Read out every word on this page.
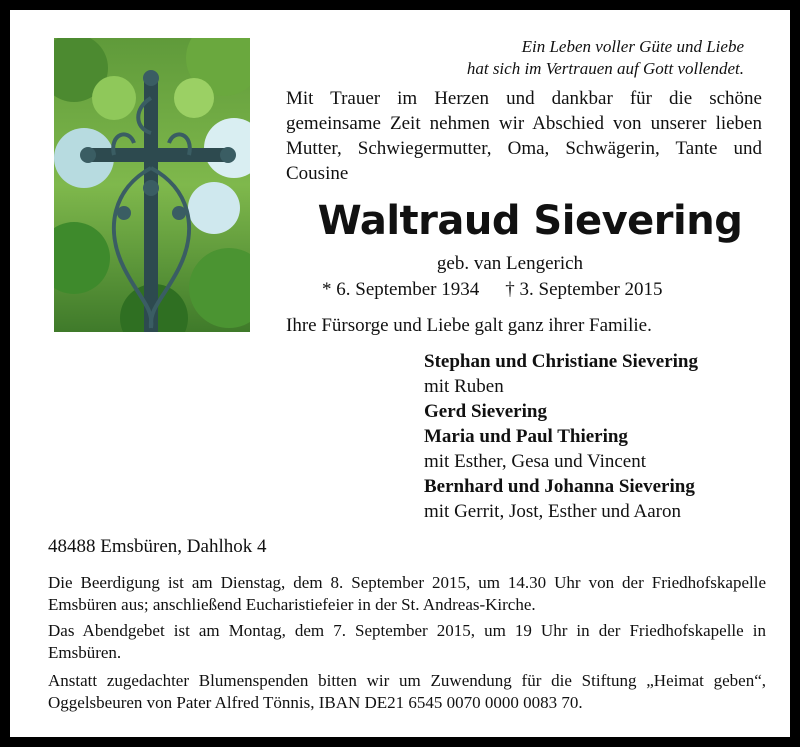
Ein Leben voller Güte und Liebe
hat sich im Vertrauen auf Gott vollendet.
Mit Trauer im Herzen und dankbar für die schöne gemeinsame Zeit nehmen wir Abschied von unserer lieben Mutter, Schwiegermutter, Oma, Schwägerin, Tante und Cousine
Waltraud Sievering
geb. van Lengerich
* 6. September 1934 † 3. September 2015
Ihre Fürsorge und Liebe galt ganz ihrer Familie.
Stephan und Christiane Sievering
mit Ruben
Gerd Sievering
Maria und Paul Thiering
mit Esther, Gesa und Vincent
Bernhard und Johanna Sievering
mit Gerrit, Jost, Esther und Aaron
48488 Emsbüren, Dahlhok 4
Die Beerdigung ist am Dienstag, dem 8. September 2015, um 14.30 Uhr von der Friedhofskapelle Emsbüren aus; anschließend Eucharistiefeier in der St. Andreas-Kirche.
Das Abendgebet ist am Montag, dem 7. September 2015, um 19 Uhr in der Friedhofskapelle in Emsbüren.
Anstatt zugedachter Blumenspenden bitten wir um Zuwendung für die Stiftung „Heimat geben“, Oggelsbeuren von Pater Alfred Tönnis, IBAN DE21 6545 0070 0000 0083 70.
